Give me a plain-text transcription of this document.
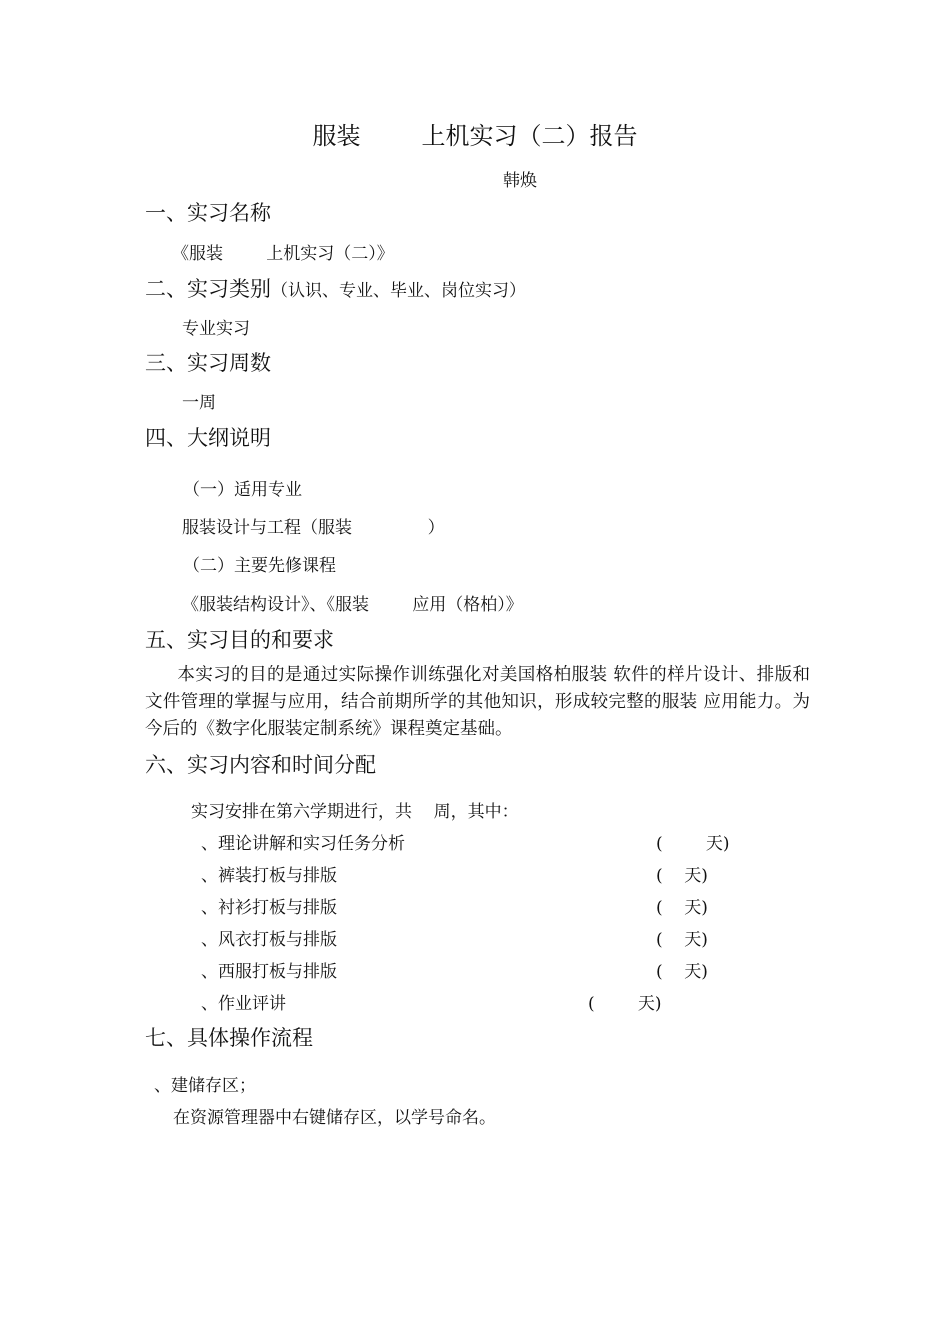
服装        上机实习（二）报告
韩焕
一、实习名称
《服装        上机实习（二）》
二、实习类别（认识、专业、毕业、岗位实习）
专业实习
三、实习周数
一周
四、大纲说明
（一）适用专业
服装设计与工程（服装              ）
（二）主要先修课程
《服装结构设计》、《服装        应用（格柏）》
五、实习目的和要求
本实习的目的是通过实际操作训练强化对美国格柏服装 软件的样片设计、排版和文件管理的掌握与应用，结合前期所学的其他知识，形成较完整的服装 应用能力。为今后的《数字化服装定制系统》课程奠定基础。
六、实习内容和时间分配
实习安排在第六学期进行，共    周，其中：
、理论讲解和实习任务分析	(        天)
、裤装打板与排版	(    天)
、衬衫打板与排版	(    天)
、风衣打板与排版	(    天)
、西服打板与排版	(    天)
、作业评讲	(        天)
七、具体操作流程
、建储存区；
在资源管理器中右键储存区，以学号命名。
